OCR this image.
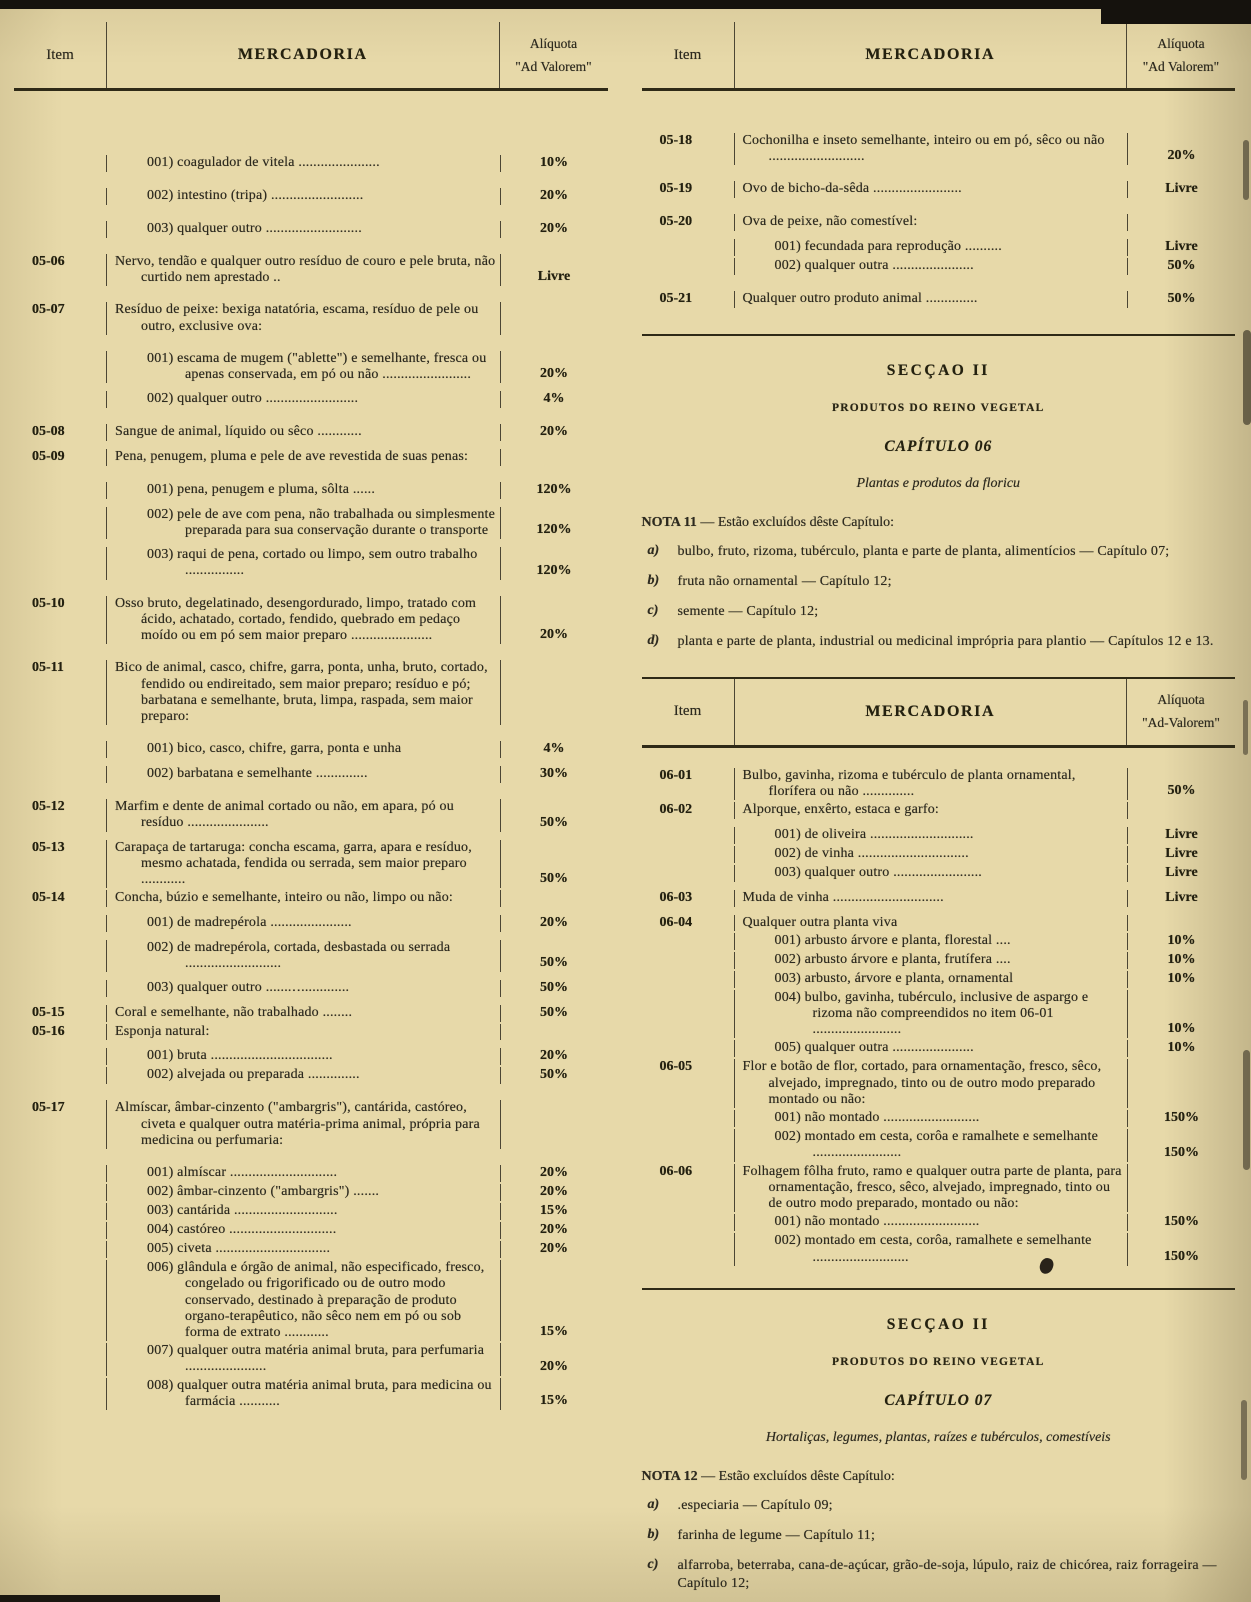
Item	MERCADORIA
Alíquota
"Ad Valorem"
001) coagulador de vitela ......................	10%
002) intestino (tripa) .........................	20%
003) qualquer outro ..........................	20%
05-06	Nervo, tendão e qualquer outro resíduo de couro e pele bruta, não curtido nem aprestado ..	Livre
05-07	Resíduo de peixe: bexiga natatória, escama, resíduo de pele ou outro, exclusive ova:
001) escama de mugem ("ablette") e semelhante, fresca ou apenas conservada, em pó ou não ........................	20%
002) qualquer outro .........................	4%
05-08	Sangue de animal, líquido ou sêco ............	20%
05-09	Pena, penugem, pluma e pele de ave revestida de suas penas:
001) pena, penugem e pluma, sôlta ......	120%
002) pele de ave com pena, não trabalhada ou simplesmente preparada para sua conservação durante o transporte	120%
003) raqui de pena, cortado ou limpo, sem outro trabalho ................	120%
05-10	Osso bruto, degelatinado, desengordurado, limpo, tratado com ácido, achatado, cortado, fendido, quebrado em pedaço moído ou em pó sem maior preparo ......................	20%
05-11	Bico de animal, casco, chifre, garra, ponta, unha, bruto, cortado, fendido ou endireitado, sem maior preparo; resíduo e pó; barbatana e semelhante, bruta, limpa, raspada, sem maior preparo:
001) bico, casco, chifre, garra, ponta e unha	4%
002) barbatana e semelhante ..............	30%
05-12	Marfim e dente de animal cortado ou não, em apara, pó ou resíduo ......................	50%
05-13	Carapaça de tartaruga: concha escama, garra, apara e resíduo, mesmo achatada, fendida ou serrada, sem maior preparo ............	50%
05-14	Concha, búzio e semelhante, inteiro ou não, limpo ou não:
001) de madrepérola ......................	20%
002) de madrepérola, cortada, desbastada ou serrada ..........................	50%
003) qualquer outro .......‥.............	50%
05-15	Coral e semelhante, não trabalhado ........	50%
05-16	Esponja natural:
001) bruta .................................	20%
002) alvejada ou preparada ..............	50%
05-17	Almíscar, âmbar-cinzento ("ambargris"), cantárida, castóreo, civeta e qualquer outra matéria-prima animal, própria para medicina ou perfumaria:
001) almíscar .............................	20%
002) âmbar-cinzento ("ambargris") .......	20%
003) cantárida ............................	15%
004) castóreo .............................	20%
005) civeta ...............................	20%
006) glândula e órgão de animal, não especificado, fresco, congelado ou frigorificado ou de outro modo conservado, destinado à preparação de produto organo-terapêutico, não sêco nem em pó ou sob forma de extrato ............	15%
007) qualquer outra matéria animal bruta, para perfumaria ......................	20%
008) qualquer outra matéria animal bruta, para medicina ou farmácia ...........	15%
Item	MERCADORIA
Alíquota
"Ad Valorem"
05-18	Cochonilha e inseto semelhante, inteiro ou em pó, sêco ou não ..........................	20%
05-19	Ovo de bicho-da-sêda ........................	Livre
05-20	Ova de peixe, não comestível:
001) fecundada para reprodução ..........	Livre
002) qualquer outra ......................	50%
05-21	Qualquer outro produto animal ..............	50%
SECÇAO II
PRODUTOS DO REINO VEGETAL
CAPÍTULO 06
Plantas e produtos da floricu
NOTA 11 — Estão excluídos dêste Capítulo:
a)	bulbo, fruto, rizoma, tubérculo, planta e parte de planta, alimentícios — Capítulo 07;
b)	fruta não ornamental — Capítulo 12;
c)	semente — Capítulo 12;
d)	planta e parte de planta, industrial ou medicinal imprópria para plantio — Capítulos 12 e 13.
Item	MERCADORIA
Alíquota
"Ad-Valorem"
06-01	Bulbo, gavinha, rizoma e tubérculo de planta ornamental, florífera ou não ..............	50%
06-02	Alporque, enxêrto, estaca e garfo:
001) de oliveira ............................	Livre
002) de vinha ..............................	Livre
003) qualquer outro ........................	Livre
06-03	Muda de vinha ..............................	Livre
06-04	Qualquer outra planta viva
001) arbusto árvore e planta, florestal ....	10%
002) arbusto árvore e planta, frutífera ....	10%
003) arbusto, árvore e planta, ornamental	10%
004) bulbo, gavinha, tubérculo, inclusive de aspargo e rizoma não compreendidos no item 06-01 ........................	10%
005) qualquer outra ......................	10%
06-05	Flor e botão de flor, cortado, para ornamentação, fresco, sêco, alvejado, impregnado, tinto ou de outro modo preparado montado ou não:
001) não montado ..........................	150%
002) montado em cesta, corôa e ramalhete e semelhante ........................	150%
06-06	Folhagem fôlha fruto, ramo e qualquer outra parte de planta, para ornamentação, fresco, sêco, alvejado, impregnado, tinto ou de outro modo preparado, montado ou não:
001) não montado ..........................	150%
002) montado em cesta, corôa, ramalhete e semelhante ..........................	150%
SECÇAO II
PRODUTOS DO REINO VEGETAL
CAPÍTULO 07
Hortaliças, legumes, plantas, raízes e tubérculos, comestíveis
NOTA 12 — Estão excluídos dêste Capítulo:
a)	.especiaria — Capítulo 09;
b)	farinha de legume — Capítulo 11;
c)	alfarroba, beterraba, cana-de-açúcar, grão-de-soja, lúpulo, raiz de chicórea, raiz forrageira — Capítulo 12;
